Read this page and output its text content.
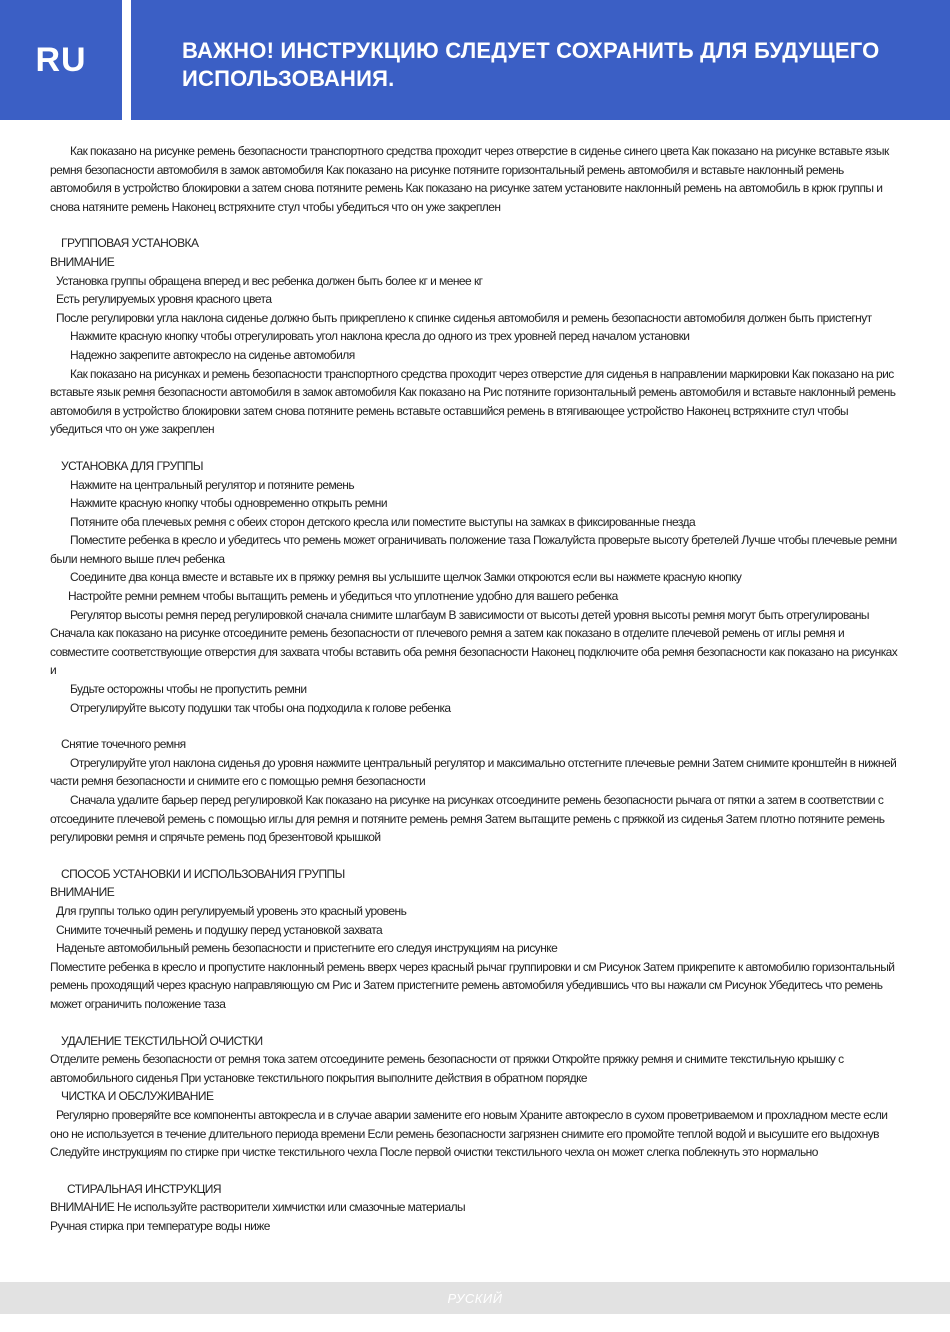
RU	ВАЖНО! ИНСТРУКЦИЮ СЛЕДУЕТ СОХРАНИТЬ ДЛЯ БУДУЩЕГО ИСПОЛЬЗОВАНИЯ.

Как показано на рисунке ремень безопасности транспортного средства проходит через отверстие в сиденье синего цвета Как показано на рисунке вставьте язык ремня безопасности автомобиля в замок автомобиля Как показано на рисунке потяните горизонтальный ремень автомобиля и вставьте наклонный ремень автомобиля в устройство блокировки а затем снова потяните ремень Как показано на рисунке затем установите наклонный ремень на автомобиль в крюк группы и снова натяните ремень Наконец встряхните стул чтобы убедиться что он уже закреплен

ГРУППОВАЯ УСТАНОВКА

ВНИМАНИЕ

Установка группы обращена вперед и вес ребенка должен быть более кг и менее кг

Есть регулируемых уровня красного цвета

После регулировки угла наклона сиденье должно быть прикреплено к спинке сиденья автомобиля и ремень безопасности автомобиля должен быть пристегнут

Нажмите красную кнопку чтобы отрегулировать угол наклона кресла до одного из трех уровней перед началом установки

Надежно закрепите автокресло на сиденье автомобиля

Как показано на рисунках и ремень безопасности транспортного средства проходит через отверстие для сиденья в направлении маркировки Как показано на рис вставьте язык ремня безопасности автомобиля в замок автомобиля Как показано на Рис потяните горизонтальный ремень автомобиля и вставьте наклонный ремень автомобиля в устройство блокировки затем снова потяните ремень вставьте оставшийся ремень в втягивающее устройство Наконец встряхните стул чтобы убедиться что он уже закреплен

УСТАНОВКА ДЛЯ ГРУППЫ

Нажмите на центральный регулятор и потяните ремень

Нажмите красную кнопку чтобы одновременно открыть ремни

Потяните оба плечевых ремня с обеих сторон детского кресла или поместите выступы на замках в фиксированные гнезда

Поместите ребенка в кресло и убедитесь что ремень может ограничивать положение таза Пожалуйста проверьте высоту бретелей Лучше чтобы плечевые ремни были немного выше плеч ребенка

Соедините два конца вместе и вставьте их в пряжку ремня вы услышите щелчок Замки откроются если вы нажмете красную кнопку

Настройте ремни ремнем чтобы вытащить ремень и убедиться что уплотнение удобно для вашего ребенка

Регулятор высоты ремня перед регулировкой сначала снимите шлагбаум В зависимости от высоты детей уровня высоты ремня могут быть отрегулированы Сначала как показано на рисунке отсоедините ремень безопасности от плечевого ремня а затем как показано в отделите плечевой ремень от иглы ремня и совместите соответствующие отверстия для захвата чтобы вставить оба ремня безопасности Наконец подключите оба ремня безопасности как показано на рисунках и

Будьте осторожны чтобы не пропустить ремни

Отрегулируйте высоту подушки так чтобы она подходила к голове ребенка

Снятие точечного ремня

Отрегулируйте угол наклона сиденья до уровня нажмите центральный регулятор и максимально отстегните плечевые ремни Затем снимите кронштейн в нижней части ремня безопасности и снимите его с помощью ремня безопасности

Сначала удалите барьер перед регулировкой Как показано на рисунке на рисунках отсоедините ремень безопасности рычага от пятки а затем в соответствии с отсоедините плечевой ремень с помощью иглы для ремня и потяните ремень ремня Затем вытащите ремень с пряжкой из сиденья Затем плотно потяните ремень регулировки ремня и спрячьте ремень под брезентовой крышкой

СПОСОБ УСТАНОВКИ И ИСПОЛЬЗОВАНИЯ ГРУППЫ

ВНИМАНИЕ

Для группы только один регулируемый уровень это красный уровень

Снимите точечный ремень и подушку перед установкой захвата

Наденьте автомобильный ремень безопасности и пристегните его следуя инструкциям на рисунке

Поместите ребенка в кресло и пропустите наклонный ремень вверх через красный рычаг группировки и см Рисунок Затем прикрепите к автомобилю горизонтальный ремень проходящий через красную направляющую см Рис и Затем пристегните ремень автомобиля убедившись что вы нажали см Рисунок Убедитесь что ремень может ограничить положение таза

УДАЛЕНИЕ ТЕКСТИЛЬНОЙ ОЧИСТКИ

Отделите ремень безопасности от ремня тока затем отсоедините ремень безопасности от пряжки Откройте пряжку ремня и снимите текстильную крышку с автомобильного сиденья При установке текстильного покрытия выполните действия в обратном порядке

ЧИСТКА И ОБСЛУЖИВАНИЕ

Регулярно проверяйте все компоненты автокресла и в случае аварии замените его новым Храните автокресло в сухом проветриваемом и прохладном месте если оно не используется в течение длительного периода времени Если ремень безопасности загрязнен снимите его промойте теплой водой и высушите его выдохнув Следуйте инструкциям по стирке при чистке текстильного чехла После первой очистки текстильного чехла он может слегка поблекнуть это нормально

СТИРАЛЬНАЯ ИНСТРУКЦИЯ

ВНИМАНИЕ Не используйте растворители химчистки или смазочные материалы

Ручная стирка при температуре воды ниже

РУСКИЙ
